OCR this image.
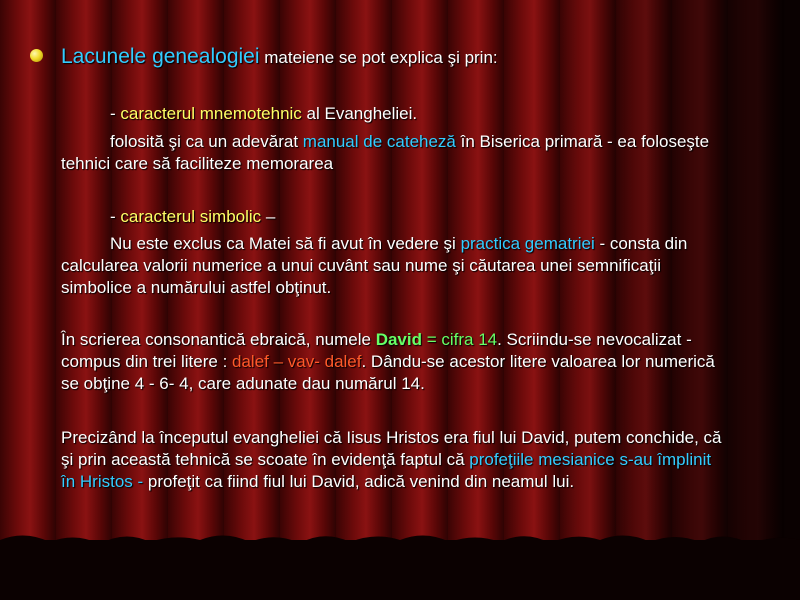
Lacunele genealogiei mateiene se pot explica şi prin:
- caracterul mnemotehnic al Evangheliei.
folosită şi ca un adevărat manual de cateheză în Biserica primară - ea foloseşte
tehnici care să faciliteze memorarea
- caracterul simbolic –
Nu este exclus ca Matei să fi avut în vedere şi practica gematriei - consta din
calcularea valorii numerice a unui cuvânt sau nume şi căutarea unei semnificaţii
simbolice a numărului astfel obţinut.
În scrierea consonantică ebraică, numele David = cifra 14. Scriindu-se nevocalizat -
compus din trei litere : dalef – vav- dalef. Dându-se acestor litere valoarea lor numerică
se obţine 4 - 6- 4, care adunate dau numărul 14.
Precizând la începutul evangheliei că Iisus Hristos era fiul lui David, putem conchide, că
şi prin această tehnică se scoate în evidenţă faptul că profeţiile mesianice s-au împlinit
în Hristos - profeţit ca fiind fiul lui David, adică venind din neamul lui.
